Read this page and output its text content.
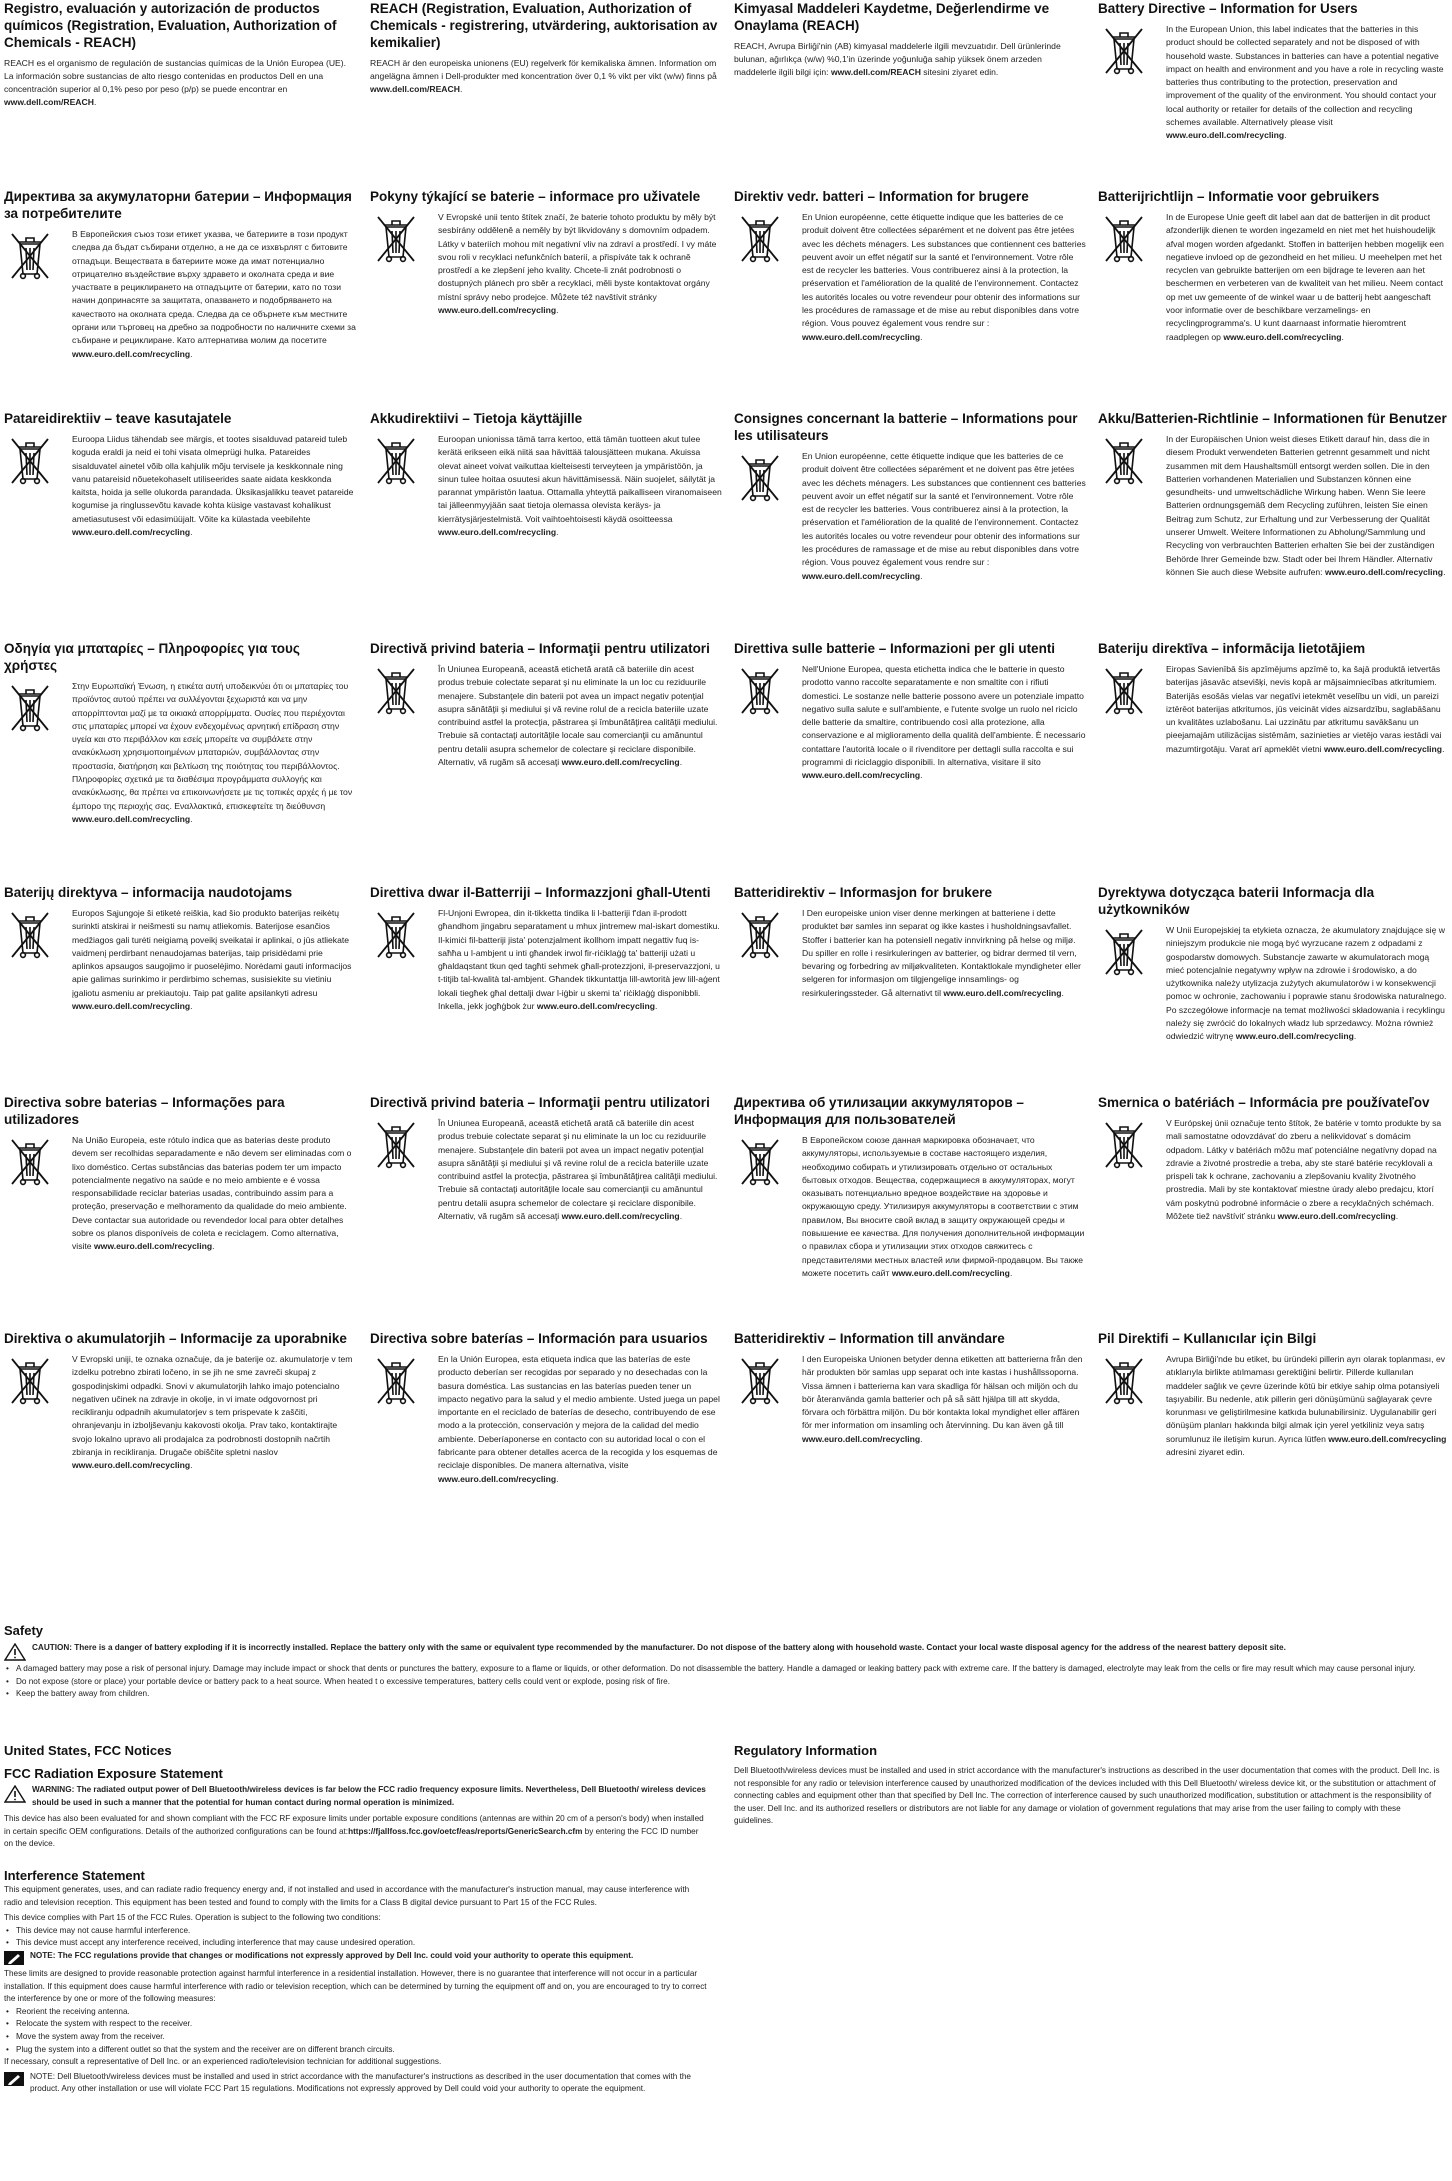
Registro, evaluación y autorización de productos químicos (Registration, Evaluation, Authorization of Chemicals - REACH)
REACH es el organismo de regulación de sustancias químicas de la Unión Europea (UE). La información sobre sustancias de alto riesgo contenidas en productos Dell en una concentración superior al 0,1% peso por peso (p/p) se puede encontrar en www.dell.com/REACH.
REACH (Registration, Evaluation, Authorization of Chemicals - registrering, utvärdering, auktorisation av kemikalier)
REACH är den europeiska unionens (EU) regelverk för kemikaliska ämnen. Information om angelägna ämnen i Dell-produkter med koncentration över 0,1 % vikt per vikt (w/w) finns på www.dell.com/REACH.
Kimyasal Maddeleri Kaydetme, Değerlendirme ve Onaylama (REACH)
REACH, Avrupa Birliği'nin (AB) kimyasal maddelerle ilgili mevzuatıdır. Dell ürünlerinde bulunan, ağırlıkça (w/w) %0,1'in üzerinde yoğunluğa sahip yüksek önem arzeden maddelerle ilgili bilgi için: www.dell.com/REACH sitesini ziyaret edin.
Battery Directive – Information for Users
In the European Union, this label indicates that the batteries in this product should be collected separately and not be disposed of with household waste. Substances in batteries can have a potential negative impact on health and environment and you have a role in recycling waste batteries thus contributing to the protection, preservation and improvement of the quality of the environment. You should contact your local authority or retailer for details of the collection and recycling schemes available. Alternatively please visit www.euro.dell.com/recycling.
Директива за акумулаторни батерии – Информация за потребителите
В Европейския съюз този етикет указва, че батериите в този продукт следва да бъдат събирани отделно, а не да се изхвърлят с битовите отпадъци. Веществата в батериите може да имат потенциално отрицателно въздействие върху здравето и околната среда и вие участвате в рециклирането на отпадъците от батерии, като по този начин допринасяте за защитата, опазването и подобряването на качеството на околната среда. Следва да се обърнете към местните органи или търговец на дребно за подробности по наличните схеми за събиране и рециклиране. Като алтернатива молим да посетите www.euro.dell.com/recycling.
Pokyny týkající se baterie – informace pro uživatele
V Evropské unii tento štítek značí, že baterie tohoto produktu by měly být sesbírány odděleně a neměly by být likvidovány s domovním odpadem. Látky v bateriích mohou mít negativní vliv na zdraví a prostředí. I vy máte svou roli v recyklaci nefunkčních baterií, a přispíváte tak k ochraně prostředí a ke zlepšení jeho kvality. Chcete-li znát podrobnosti o dostupných plánech pro sběr a recyklaci, měli byste kontaktovat orgány místní správy nebo prodejce. Můžete též navštívit stránky www.euro.dell.com/recycling.
Direktiv vedr. batteri – Information for brugere
En Union européenne, cette étiquette indique que les batteries de ce produit doivent être collectées séparément et ne doivent pas être jetées avec les déchets ménagers. Les substances que contiennent ces batteries peuvent avoir un effet négatif sur la santé et l'environnement. Votre rôle est de recycler les batteries. Vous contribuerez ainsi à la protection, la préservation et l'amélioration de la qualité de l'environnement. Contactez les autorités locales ou votre revendeur pour obtenir des informations sur les procédures de ramassage et de mise au rebut disponibles dans votre région. Vous pouvez également vous rendre sur : www.euro.dell.com/recycling.
Batterijrichtlijn – Informatie voor gebruikers
In de Europese Unie geeft dit label aan dat de batterijen in dit product afzonderlijk dienen te worden ingezameld en niet met het huishoudelijk afval mogen worden afgedankt. Stoffen in batterijen hebben mogelijk een negatieve invloed op de gezondheid en het milieu. U meehelpen met het recyclen van gebruikte batterijen om een bijdrage te leveren aan het beschermen en verbeteren van de kwaliteit van het milieu. Neem contact op met uw gemeente of de winkel waar u de batterij hebt aangeschaft voor informatie over de beschikbare verzamelings- en recyclingprogramma's. U kunt daarnaast informatie hieromtrent raadplegen op www.euro.dell.com/recycling.
Patareidirektiiv – teave kasutajatele
Euroopa Liidus tähendab see märgis, et tootes sisalduvad patareid tuleb koguda eraldi ja neid ei tohi visata olmeprügi hulka. Patareides sisalduvatel ainetel võib olla kahjulik mõju tervisele ja keskkonnale ning vanu patareisid nõuetekohaselt utiliseerides saate aidata keskkonda kaitsta, hoida ja selle olukorda parandada. Üksikasjalikku teavet patareide kogumise ja ringlussevõtu kavade kohta küsige vastavast kohalikust ametiasutusest või edasimüüjalt. Võite ka külastada veebilehte www.euro.dell.com/recycling.
Akkudirektiivi – Tietoja käyttäjille
Euroopan unionissa tämä tarra kertoo, että tämän tuotteen akut tulee kerätä erikseen eikä niitä saa hävittää talousjätteen mukana. Akuissa olevat aineet voivat vaikuttaa kielteisesti terveyteen ja ympäristöön, ja sinun tulee hoitaa osuutesi akun hävittämisessä. Näin suojelet, säilytät ja parannat ympäristön laatua. Ottamalla yhteyttä paikalliseen viranomaiseen tai jälleenmyyjään saat tietoja olemassa olevista keräys- ja kierrätysjärjestelmistä. Voit vaihtoehtoisesti käydä osoitteessa www.euro.dell.com/recycling.
Consignes concernant la batterie – Informations pour les utilisateurs
En Union européenne, cette étiquette indique que les batteries de ce produit doivent être collectées séparément et ne doivent pas être jetées avec les déchets ménagers. Les substances que contiennent ces batteries peuvent avoir un effet négatif sur la santé et l'environnement. Votre rôle est de recycler les batteries. Vous contribuerez ainsi à la protection, la préservation et l'amélioration de la qualité de l'environnement. Contactez les autorités locales ou votre revendeur pour obtenir des informations sur les procédures de ramassage et de mise au rebut disponibles dans votre région. Vous pouvez également vous rendre sur : www.euro.dell.com/recycling.
Akku/Batterien-Richtlinie – Informationen für Benutzer
In der Europäischen Union weist dieses Etikett darauf hin, dass die in diesem Produkt verwendeten Batterien getrennt gesammelt und nicht zusammen mit dem Haushaltsmüll entsorgt werden sollen. Die in den Batterien vorhandenen Materialien und Substanzen können eine gesundheits- und umweltschädliche Wirkung haben. Wenn Sie leere Batterien ordnungsgemäß dem Recycling zuführen, leisten Sie einen Beitrag zum Schutz, zur Erhaltung und zur Verbesserung der Qualität unserer Umwelt. Weitere Informationen zu Abholung/Sammlung und Recycling von verbrauchten Batterien erhalten Sie bei der zuständigen Behörde Ihrer Gemeinde bzw. Stadt oder bei Ihrem Händler. Alternativ können Sie auch diese Website aufrufen: www.euro.dell.com/recycling.
Οδηγία για μπαταρίες – Πληροφορίες για τους χρήστες
Στην Ευρωπαϊκή Ένωση, η ετικέτα αυτή υποδεικνύει ότι οι μπαταρίες του προϊόντος αυτού πρέπει να συλλέγονται ξεχωριστά και να μην απορρίπτονται μαζί με τα οικιακά απορρίμματα. Ουσίες που περιέχονται στις μπαταρίες μπορεί να έχουν ενδεχομένως αρνητική επίδραση στην υγεία και στο περιβάλλον και εσείς μπορείτε να συμβάλετε στην ανακύκλωση χρησιμοποιημένων μπαταριών, συμβάλλοντας στην προστασία, διατήρηση και βελτίωση της ποιότητας του περιβάλλοντος. Πληροφορίες σχετικά με τα διαθέσιμα προγράμματα συλλογής και ανακύκλωσης, θα πρέπει να επικοινωνήσετε με τις τοπικές αρχές ή με τον έμπορο της περιοχής σας. Εναλλακτικά, επισκεφτείτε τη διεύθυνση www.euro.dell.com/recycling.
Directivă privind bateria – Informaţii pentru utilizatori
În Uniunea Europeană, această etichetă arată că bateriile din acest produs trebuie colectate separat şi nu eliminate la un loc cu reziduurile menajere. Substanţele din baterii pot avea un impact negativ potenţial asupra sănătăţii şi mediului şi vă revine rolul de a recicla bateriile uzate contribuind astfel la protecţia, păstrarea şi îmbunătăţirea calităţii mediului. Trebuie să contactaţi autorităţile locale sau comercianţii cu amănuntul pentru detalii asupra schemelor de colectare şi reciclare disponibile. Alternativ, vă rugăm să accesaţi www.euro.dell.com/recycling.
Direttiva sulle batterie – Informazioni per gli utenti
Nell'Unione Europea, questa etichetta indica che le batterie in questo prodotto vanno raccolte separatamente e non smaltite con i rifiuti domestici. Le sostanze nelle batterie possono avere un potenziale impatto negativo sulla salute e sull'ambiente, e l'utente svolge un ruolo nel riciclo delle batterie da smaltire, contribuendo così alla protezione, alla conservazione e al miglioramento della qualità dell'ambiente. È necessario contattare l'autorità locale o il rivenditore per dettagli sulla raccolta e sui programmi di riciclaggio disponibili. In alternativa, visitare il sito www.euro.dell.com/recycling.
Bateriju direktīva – informācija lietotājiem
Eiropas Savienībā šis apzīmējums apzīmē to, ka šajā produktā ietvertās baterijas jāsavāc atsevišķi, nevis kopā ar mājsaimniecības atkritumiem. Baterijās esošās vielas var negatīvi ietekmēt veselību un vidi, un pareizi iztērēot baterijas atkritumos, jūs veicināt vides aizsardzību, saglabāšanu un kvalitātes uzlabošanu. Lai uzzinātu par atkritumu savākšanu un pieejamajām utilizācijas sistēmām, sazinieties ar vietējo varas iestādi vai mazumtirgotāju. Varat arī apmeklēt vietni www.euro.dell.com/recycling.
Baterijų direktyva – informacija naudotojams
Europos Sąjungoje ši etiketė reiškia, kad šio produkto baterijas reikėtų surinkti atskirai ir neišmesti su namų atliekomis. Baterijose esančios medžiagos gali turėti neigiamą poveikį sveikatai ir aplinkai, o jūs atliekate vaidmenį perdirbant nenaudojamas baterijas, taip prisidėdami prie aplinkos apsaugos saugojimo ir puoselėjimo. Norėdami gauti informacijos apie galimas surinkimo ir perdirbimo schemas, susisiekite su vietiniu įgaliotu asmeniu ar prekiautoju. Taip pat galite apsilankyti adresu www.euro.dell.com/recycling.
Direttiva dwar il-Batterriji – Informazzjoni għall-Utenti
Fl-Unjoni Ewropea, din it-tikketta tindika li l-batteriji f'dan il-prodott għandhom jingabru separatament u mhux jintremew mal-iskart domestiku. Il-kimiċi fil-batteriji jista' potenzjalment ikollhom impatt negattiv fuq is-saħħa u l-ambjent u inti għandek irwol fir-riċiklaġġ ta' batteriji użati u għaldaqstant tkun qed tagħti sehmek għall-protezzjoni, il-preservazzjoni, u t-titjib tal-kwalità tal-ambjent. Għandek tikkuntattja lill-awtorità jew lill-aġent lokali tiegħek għal dettalji dwar l-iġbir u skemi ta' riċiklaġġ disponibbli. Inkella, jekk jogħġbok żur www.euro.dell.com/recycling.
Batteridirektiv – Informasjon for brukere
I Den europeiske union viser denne merkingen at batteriene i dette produktet bør samles inn separat og ikke kastes i husholdningsavfallet. Stoffer i batterier kan ha potensiell negativ innvirkning på helse og miljø. Du spiller en rolle i resirkuleringen av batterier, og bidrar dermed til vern, bevaring og forbedring av miljøkvaliteten. Kontaktlokale myndigheter eller selgeren for informasjon om tilgjengelige innsamlings- og resirkuleringssteder. Gå alternativt til www.euro.dell.com/recycling.
Dyrektywa dotycząca baterii Informacja dla użytkowników
W Unii Europejskiej ta etykieta oznacza, że akumulatory znajdujące się w niniejszym produkcie nie mogą być wyrzucane razem z odpadami z gospodarstw domowych. Substancje zawarte w akumulatorach mogą mieć potencjalnie negatywny wpływ na zdrowie i środowisko, a do użytkownika należy utylizacja zużytych akumulatorów i w konsekwencji pomoc w ochronie, zachowaniu i poprawie stanu środowiska naturalnego. Po szczegółowe informacje na temat możliwości składowania i recyklingu należy się zwrócić do lokalnych władz lub sprzedawcy. Można również odwiedzić witrynę www.euro.dell.com/recycling.
Directiva sobre baterias – Informações para utilizadores
Na União Europeia, este rótulo indica que as baterias deste produto devem ser recolhidas separadamente e não devem ser eliminadas com o lixo doméstico. Certas substâncias das baterias podem ter um impacto potencialmente negativo na saúde e no meio ambiente e é vossa responsabilidade reciclar baterias usadas, contribuindo assim para a proteção, preservação e melhoramento da qualidade do meio ambiente. Deve contactar sua autoridade ou revendedor local para obter detalhes sobre os planos disponíveis de coleta e reciclagem. Como alternativa, visite www.euro.dell.com/recycling.
Directivă privind bateria – Informaţii pentru utilizatori
În Uniunea Europeană, această etichetă arată că bateriile din acest produs trebuie colectate separat şi nu eliminate la un loc cu reziduurile menajere. Substanţele din baterii pot avea un impact negativ potenţial asupra sănătăţii şi mediului şi vă revine rolul de a recicla bateriile uzate contribuind astfel la protecţia, păstrarea şi îmbunătăţirea calităţii mediului. Trebuie să contactaţi autorităţile locale sau comercianţii cu amănuntul pentru detalii asupra schemelor de colectare şi reciclare disponibile. Alternativ, vă rugăm să accesaţi www.euro.dell.com/recycling.
Директива об утилизации аккумуляторов – Информация для пользователей
В Европейском союзе данная маркировка обозначает, что аккумуляторы, используемые в составе настоящего изделия, необходимо собирать и утилизировать отдельно от остальных бытовых отходов. Вещества, содержащиеся в аккумуляторах, могут оказывать потенциально вредное воздействие на здоровье и окружающую среду. Утилизируя аккумуляторы в соответствии с этим правилом, Вы вносите свой вклад в защиту окружающей среды и повышение ее качества. Для получения дополнительной информации о правилах сбора и утилизации этих отходов свяжитесь с представителями местных властей или фирмой-продавцом. Вы также можете посетить сайт www.euro.dell.com/recycling.
Smernica o batériách – Informácia pre používateľov
V Európskej únii označuje tento štítok, že batérie v tomto produkte by sa mali samostatne odovzdávať do zberu a nelikvidovať s domácim odpadom. Látky v batériách môžu mať potenciálne negatívny dopad na zdravie a životné prostredie a treba, aby ste staré batérie recyklovali a prispeli tak k ochrane, zachovaniu a zlepšovaniu kvality životného prostredia. Mali by ste kontaktovať miestne úrady alebo predajcu, ktorí vám poskytnú podrobné informácie o zbere a recyklačných schémach. Môžete tiež navštíviť stránku www.euro.dell.com/recycling.
Direktiva o akumulatorjih – Informacije za uporabnike
V Evropski uniji, te oznaka označuje, da je baterije oz. akumulatorje v tem izdelku potrebno zbirati ločeno, in se jih ne sme zavreči skupaj z gospodinjskimi odpadki. Snovi v akumulatorjih lahko imajo potencialno negativen učinek na zdravje in okolje, in vi imate odgovornost pri recikliranju odpadnih akumulatorjev s tem prispevate k zaščiti, ohranjevanju in izboljševanju kakovosti okolja. Prav tako, kontaktirajte svojo lokalno upravo ali prodajalca za podrobnosti dostopnih načrtih zbiranja in recikliranja. Drugače obiščite spletni naslov www.euro.dell.com/recycling.
Directiva sobre baterías – Información para usuarios
En la Unión Europea, esta etiqueta indica que las baterías de este producto deberían ser recogidas por separado y no desechadas con la basura doméstica. Las sustancias en las baterías pueden tener un impacto negativo para la salud y el medio ambiente. Usted juega un papel importante en el reciclado de baterías de desecho, contribuyendo de ese modo a la protección, conservación y mejora de la calidad del medio ambiente. Deberíaponerse en contacto con su autoridad local o con el fabricante para obtener detalles acerca de la recogida y los esquemas de reciclaje disponibles. De manera alternativa, visite www.euro.dell.com/recycling.
Batteridirektiv – Information till användare
I den Europeiska Unionen betyder denna etiketten att batterierna från den här produkten bör samlas upp separat och inte kastas i hushållssoporna. Vissa ämnen i batterierna kan vara skadliga för hälsan och miljön och du bör återanvända gamla batterier och på så sätt hjälpa till att skydda, förvara och förbättra miljön. Du bör kontakta lokal myndighet eller affären för mer information om insamling och återvinning. Du kan även gå till www.euro.dell.com/recycling.
Pil Direktifi – Kullanıcılar için Bilgi
Avrupa Birliği'nde bu etiket, bu üründeki pillerin ayrı olarak toplanması, ev atıklarıyla birlikte atılmaması gerektiğini belirtir. Pillerde kullanılan maddeler sağlık ve çevre üzerinde kötü bir etkiye sahip olma potansiyeli taşıyabilir. Bu nedenle, atık pillerin geri dönüşümünü sağlayarak çevre korunması ve geliştirilmesine katkıda bulunabilirsiniz. Uygulanabilir geri dönüşüm planları hakkında bilgi almak için yerel yetkiliniz veya satış sorumlunuz ile iletişim kurun. Ayrıca lütfen www.euro.dell.com/recycling adresini ziyaret edin.
Safety

CAUTION: There is a danger of battery exploding if it is incorrectly installed. Replace the battery only with the same or equivalent type recommended by the manufacturer. Do not dispose of the battery along with household waste. Contact your local waste disposal agency for the address of the nearest battery deposit site.

• A damaged battery may pose a risk of personal injury. Damage may include impact or shock that dents or punctures the battery, exposure to a flame or liquids, or other deformation. Do not disassemble the battery. Handle a damaged or leaking battery pack with extreme care. If the battery is damaged, electrolyte may leak from the cells or fire may result which may cause personal injury.
• Do not expose (store or place) your portable device or battery pack to a heat source. When heated t o excessive temperatures, battery cells could vent or explode, posing risk of fire.
• Keep the battery away from children.
United States, FCC Notices
FCC Radiation Exposure Statement

WARNING: The radiated output power of Dell Bluetooth/wireless devices is far below the FCC radio frequency exposure limits. Nevertheless, Dell Bluetooth/ wireless devices should be used in such a manner that the potential for human contact during normal operation is minimized.

This device has also been evaluated for and shown compliant with the FCC RF exposure limits under portable exposure conditions (antennas are within 20 cm of a person's body) when installed in certain specific OEM configurations. Details of the authorized configurations can be found at:https://fjallfoss.fcc.gov/oetcf/eas/reports/GenericSearch.cfm by entering the FCC ID number on the device.

Interference Statement

This equipment generates, uses, and can radiate radio frequency energy and, if not installed and used in accordance with the manufacturer's instruction manual, may cause interference with radio and television reception. This equipment has been tested and found to comply with the limits for a Class B digital device pursuant to Part 15 of the FCC Rules.

This device complies with Part 15 of the FCC Rules. Operation is subject to the following two conditions:

• This device may not cause harmful interference.
• This device must accept any interference received, including interference that may cause undesired operation.

NOTE: The FCC regulations provide that changes or modifications not expressly approved by Dell Inc. could void your authority to operate this equipment.

These limits are designed to provide reasonable protection against harmful interference in a residential installation. However, there is no guarantee that interference will not occur in a particular installation. If this equipment does cause harmful interference with radio or television reception, which can be determined by turning the equipment off and on, you are encouraged to try to correct the interference by one or more of the following measures:

• Reorient the receiving antenna.
• Relocate the system with respect to the receiver.
• Move the system away from the receiver.
• Plug the system into a different outlet so that the system and the receiver are on different branch circuits.

If necessary, consult a representative of Dell Inc. or an experienced radio/television technician for additional suggestions.

NOTE: Dell Bluetooth/wireless devices must be installed and used in strict accordance with the manufacturer's instructions as described in the user documentation that comes with the product. Any other installation or use will violate FCC Part 15 regulations. Modifications not expressly approved by Dell could void your authority to operate the equipment.

Regulatory Information

Dell Bluetooth/wireless devices must be installed and used in strict accordance with the manufacturer's instructions as described in the user documentation that comes with the product. Dell Inc. is not responsible for any radio or television interference caused by unauthorized modification of the devices included with this Dell Bluetooth/ wireless device kit, or the substitution or attachment of connecting cables and equipment other than that specified by Dell Inc. The correction of interference caused by such unauthorized modification, substitution or attachment is the responsibility of the user. Dell Inc. and its authorized resellers or distributors are not liable for any damage or violation of government regulations that may arise from the user failing to comply with these guidelines.
